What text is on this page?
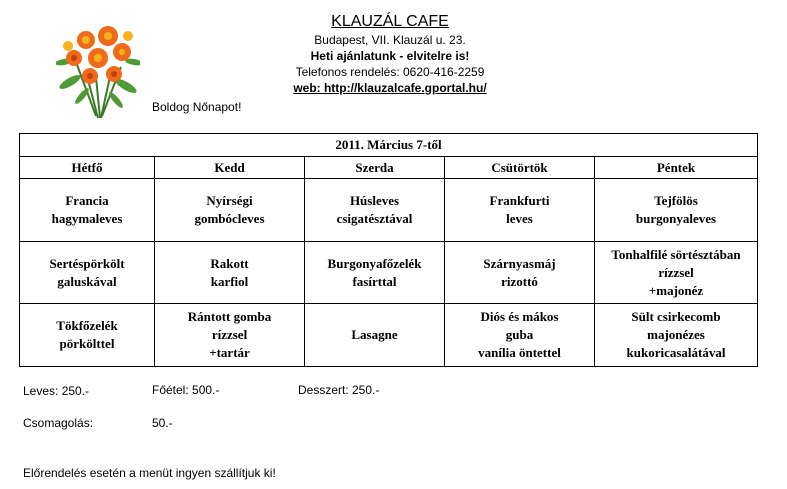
KLAUZÁL CAFE
Budapest, VII. Klauzál u. 23.
Heti ajánlatunk - elvitelre is!
Telefonos rendelés: 0620-416-2259
web: http://klauzalcafe.gportal.hu/
Boldog Nőnapot!
2011. Március 7-től				
Hétfő	Kedd	Szerda	Csütörtök	Péntek

Francia
hagymaleves	Nyírségi
gombócleves	Húsleves
csigatésztával	Frankfurti
leves	Tejfölös
burgonyaleves

Sertéspörkölt
galuskával	Rakott
karfiol	Burgonyafőzelék
fasírttal	Szárnyasmáj
rizottó	Tonhalfilé sörtésztában
rízzsel
+majonéz

Tökfőzelék
pörkölttel	Rántott gomba
rízzsel
+tartár	Lasagne	Diós és mákos
guba
vanília öntettel	Sült csirkecomb
majonézes
kukoricasalátával
Leves: 250.-	Főétel: 500.-	Desszert: 250.-
Csomagolás:	50.-
Előrendelés esetén a menüt ingyen szállítjuk ki!
